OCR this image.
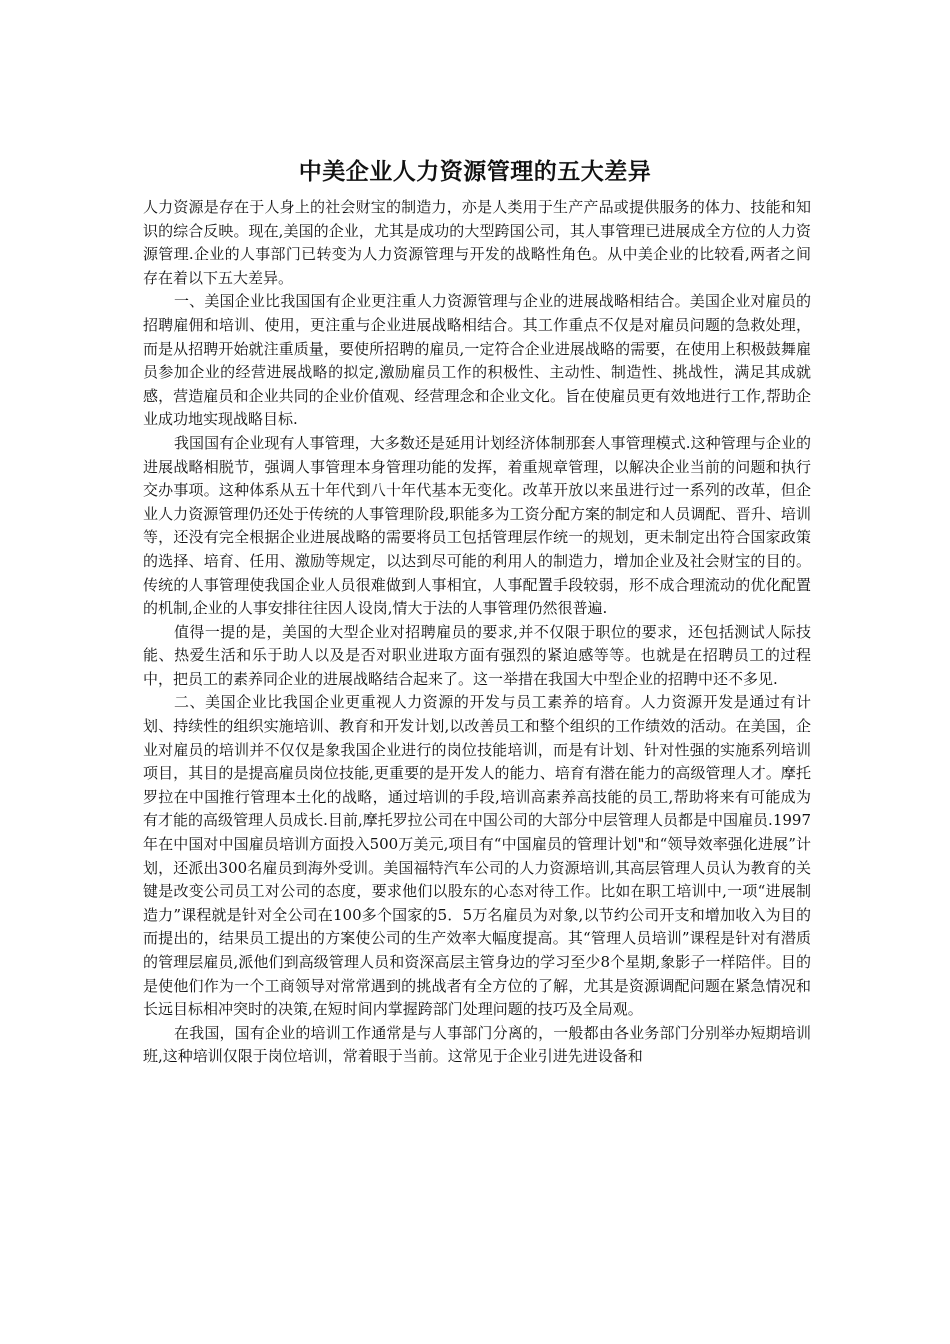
中美企业人力资源管理的五大差异

人力资源是存在于人身上的社会财宝的制造力，亦是人类用于生产产品或提供服务的体力、技能和知识的综合反映。现在,美国的企业，尤其是成功的大型跨国公司，其人事管理已进展成全方位的人力资源管理.企业的人事部门已转变为人力资源管理与开发的战略性角色。从中美企业的比较看,两者之间存在着以下五大差异。

一、美国企业比我国国有企业更注重人力资源管理与企业的进展战略相结合。美国企业对雇员的招聘雇佣和培训、使用，更注重与企业进展战略相结合。其工作重点不仅是对雇员问题的急救处理，而是从招聘开始就注重质量，要使所招聘的雇员,一定符合企业进展战略的需要，在使用上积极鼓舞雇员参加企业的经营进展战略的拟定,激励雇员工作的积极性、主动性、制造性、挑战性，满足其成就感，营造雇员和企业共同的企业价值观、经营理念和企业文化。旨在使雇员更有效地进行工作,帮助企业成功地实现战略目标.

我国国有企业现有人事管理，大多数还是延用计划经济体制那套人事管理模式.这种管理与企业的进展战略相脱节，强调人事管理本身管理功能的发挥，着重规章管理，以解决企业当前的问题和执行交办事项。这种体系从五十年代到八十年代基本无变化。改革开放以来虽进行过一系列的改革，但企业人力资源管理仍还处于传统的人事管理阶段,职能多为工资分配方案的制定和人员调配、晋升、培训等，还没有完全根据企业进展战略的需要将员工包括管理层作统一的规划，更未制定出符合国家政策的选择、培育、任用、激励等规定，以达到尽可能的利用人的制造力，增加企业及社会财宝的目的。传统的人事管理使我国企业人员很难做到人事相宜，人事配置手段较弱，形不成合理流动的优化配置的机制,企业的人事安排往往因人设岗,情大于法的人事管理仍然很普遍.

值得一提的是，美国的大型企业对招聘雇员的要求,并不仅限于职位的要求，还包括测试人际技能、热爱生活和乐于助人以及是否对职业进取方面有强烈的紧迫感等等。也就是在招聘员工的过程中，把员工的素养同企业的进展战略结合起来了。这一举措在我国大中型企业的招聘中还不多见.

二、美国企业比我国企业更重视人力资源的开发与员工素养的培育。人力资源开发是通过有计划、持续性的组织实施培训、教育和开发计划,以改善员工和整个组织的工作绩效的活动。在美国，企业对雇员的培训并不仅仅是象我国企业进行的岗位技能培训，而是有计划、针对性强的实施系列培训项目，其目的是提高雇员岗位技能,更重要的是开发人的能力、培育有潜在能力的高级管理人才。摩托罗拉在中国推行管理本土化的战略，通过培训的手段,培训高素养高技能的员工,帮助将来有可能成为有才能的高级管理人员成长.目前,摩托罗拉公司在中国公司的大部分中层管理人员都是中国雇员.1997年在中国对中国雇员培训方面投入500万美元,项目有“中国雇员的管理计划"和“领导效率强化进展”计划，还派出300名雇员到海外受训。美国福特汽车公司的人力资源培训,其高层管理人员认为教育的关键是改变公司员工对公司的态度，要求他们以股东的心态对待工作。比如在职工培训中,一项“进展制造力”课程就是针对全公司在100多个国家的5．5万名雇员为对象,以节约公司开支和增加收入为目的而提出的，结果员工提出的方案使公司的生产效率大幅度提高。其“管理人员培训”课程是针对有潜质的管理层雇员,派他们到高级管理人员和资深高层主管身边的学习至少8个星期,象影子一样陪伴。目的是使他们作为一个工商领导对常常遇到的挑战者有全方位的了解，尤其是资源调配问题在紧急情况和长远目标相冲突时的决策,在短时间内掌握跨部门处理问题的技巧及全局观。

在我国，国有企业的培训工作通常是与人事部门分离的，一般都由各业务部门分别举办短期培训班,这种培训仅限于岗位培训，常着眼于当前。这常见于企业引进先进设备和
